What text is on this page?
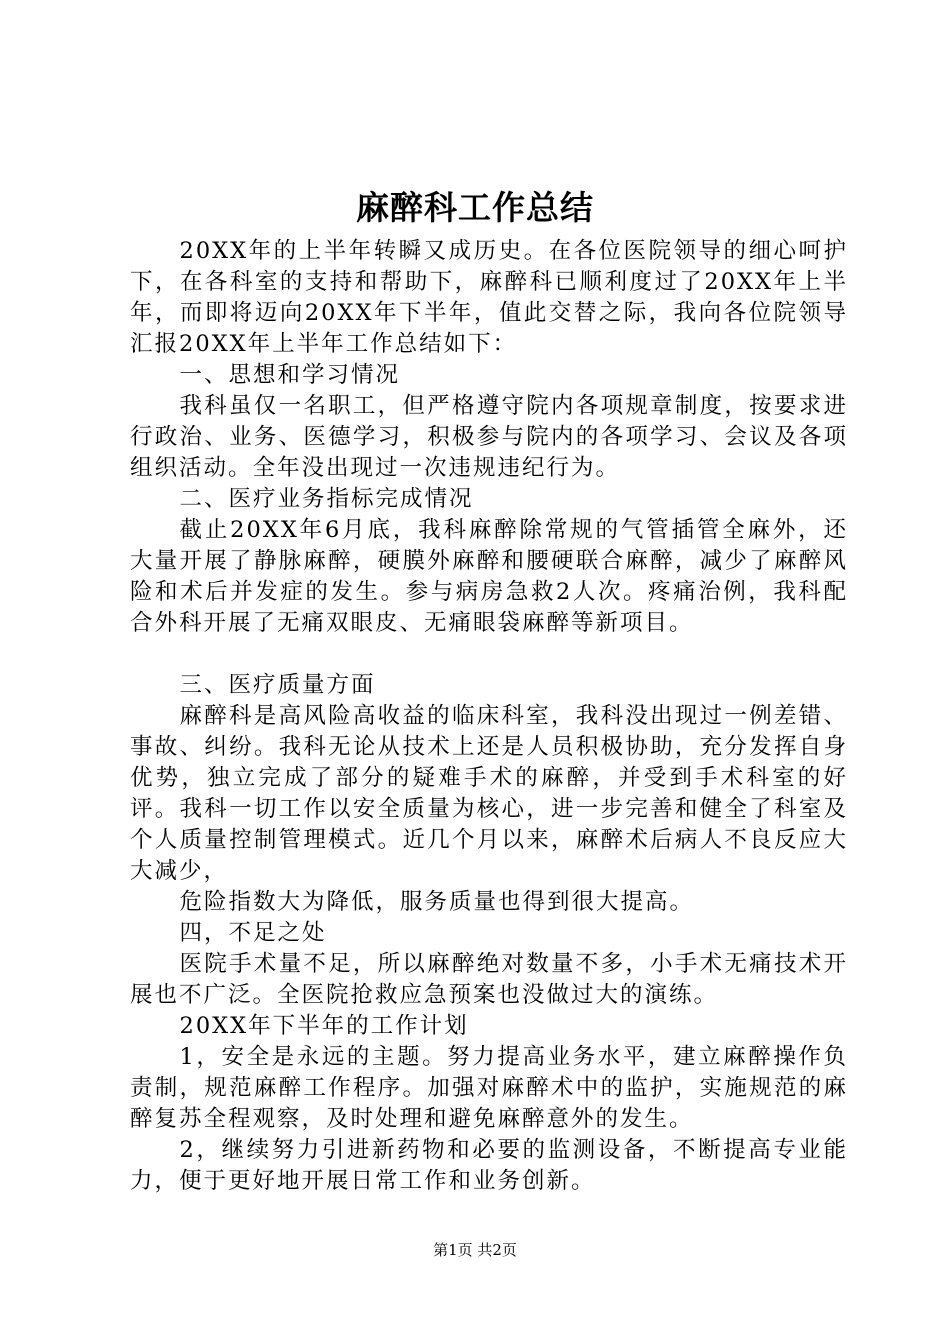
麻醉科工作总结

20XX年的上半年转瞬又成历史。在各位医院领导的细心呵护下，在各科室的支持和帮助下，麻醉科已顺利度过了20XX年上半年，而即将迈向20XX年下半年，值此交替之际，我向各位院领导汇报20XX年上半年工作总结如下：

一、思想和学习情况

我科虽仅一名职工，但严格遵守院内各项规章制度，按要求进行政治、业务、医德学习，积极参与院内的各项学习、会议及各项组织活动。全年没出现过一次违规违纪行为。

二、医疗业务指标完成情况

截止20XX年6月底，我科麻醉除常规的气管插管全麻外，还大量开展了静脉麻醉，硬膜外麻醉和腰硬联合麻醉，减少了麻醉风险和术后并发症的发生。参与病房急救2人次。疼痛治例，我科配合外科开展了无痛双眼皮、无痛眼袋麻醉等新项目。

三、医疗质量方面

麻醉科是高风险高收益的临床科室，我科没出现过一例差错、事故、纠纷。我科无论从技术上还是人员积极协助，充分发挥自身优势，独立完成了部分的疑难手术的麻醉，并受到手术科室的好评。我科一切工作以安全质量为核心，进一步完善和健全了科室及个人质量控制管理模式。近几个月以来，麻醉术后病人不良反应大大减少，

危险指数大为降低，服务质量也得到很大提高。

四，不足之处

医院手术量不足，所以麻醉绝对数量不多，小手术无痛技术开展也不广泛。全医院抢救应急预案也没做过大的演练。

20XX年下半年的工作计划

1，安全是永远的主题。努力提高业务水平，建立麻醉操作负责制，规范麻醉工作程序。加强对麻醉术中的监护，实施规范的麻醉复苏全程观察，及时处理和避免麻醉意外的发生。

2，继续努力引进新药物和必要的监测设备，不断提高专业能力，便于更好地开展日常工作和业务创新。

第1页 共2页
